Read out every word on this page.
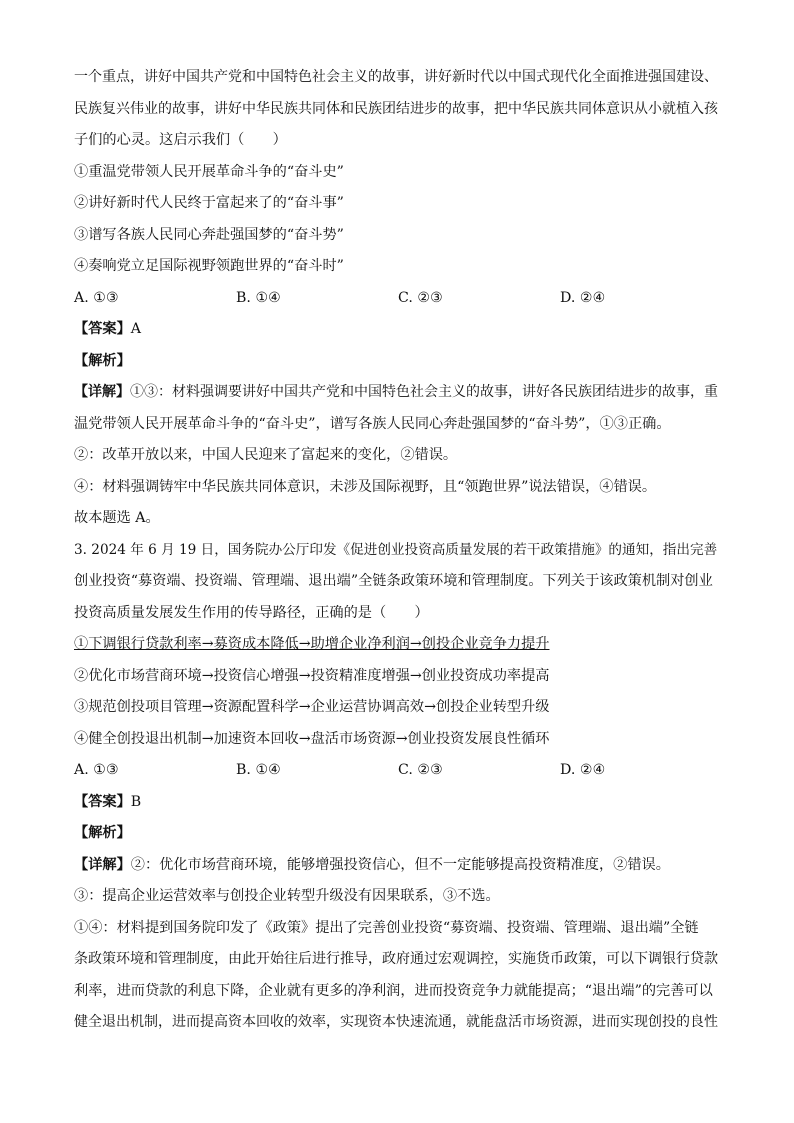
一个重点，讲好中国共产党和中国特色社会主义的故事，讲好新时代以中国式现代化全面推进强国建设、
民族复兴伟业的故事，讲好中华民族共同体和民族团结进步的故事，把中华民族共同体意识从小就植入孩
子们的心灵。这启示我们（　　）
①重温党带领人民开展革命斗争的“奋斗史”
②讲好新时代人民终于富起来了的“奋斗事”
③谱写各族人民同心奔赴强国梦的“奋斗势”
④奏响党立足国际视野领跑世界的“奋斗时”
A. ①③	B. ①④	C. ②③	D. ②④
【答案】A
【解析】
【详解】①③：材料强调要讲好中国共产党和中国特色社会主义的故事，讲好各民族团结进步的故事，重
温党带领人民开展革命斗争的“奋斗史”，谱写各族人民同心奔赴强国梦的“奋斗势”，①③正确。
②：改革开放以来，中国人民迎来了富起来的变化，②错误。
④：材料强调铸牢中华民族共同体意识，未涉及国际视野，且“领跑世界”说法错误，④错误。
故本题选 A。
3. 2024 年 6 月 19 日，国务院办公厅印发《促进创业投资高质量发展的若干政策措施》的通知，指出完善
创业投资“募资端、投资端、管理端、退出端”全链条政策环境和管理制度。下列关于该政策机制对创业
投资高质量发展发生作用的传导路径，正确的是（　　）
①下调银行贷款利率→募资成本降低→助增企业净利润→创投企业竞争力提升
②优化市场营商环境→投资信心增强→投资精准度增强→创业投资成功率提高
③规范创投项目管理→资源配置科学→企业运营协调高效→创投企业转型升级
④健全创投退出机制→加速资本回收→盘活市场资源→创业投资发展良性循环
A. ①③	B. ①④	C. ②③	D. ②④
【答案】B
【解析】
【详解】②：优化市场营商环境，能够增强投资信心，但不一定能够提高投资精准度，②错误。
③：提高企业运营效率与创投企业转型升级没有因果联系，③不选。
①④：材料提到国务院印发了《政策》提出了完善创业投资“募资端、投资端、管理端、退出端”全链
条政策环境和管理制度，由此开始往后进行推导，政府通过宏观调控，实施货币政策，可以下调银行贷款
利率，进而贷款的利息下降，企业就有更多的净利润，进而投资竞争力就能提高；“退出端”的完善可以
健全退出机制，进而提高资本回收的效率，实现资本快速流通，就能盘活市场资源，进而实现创投的良性
